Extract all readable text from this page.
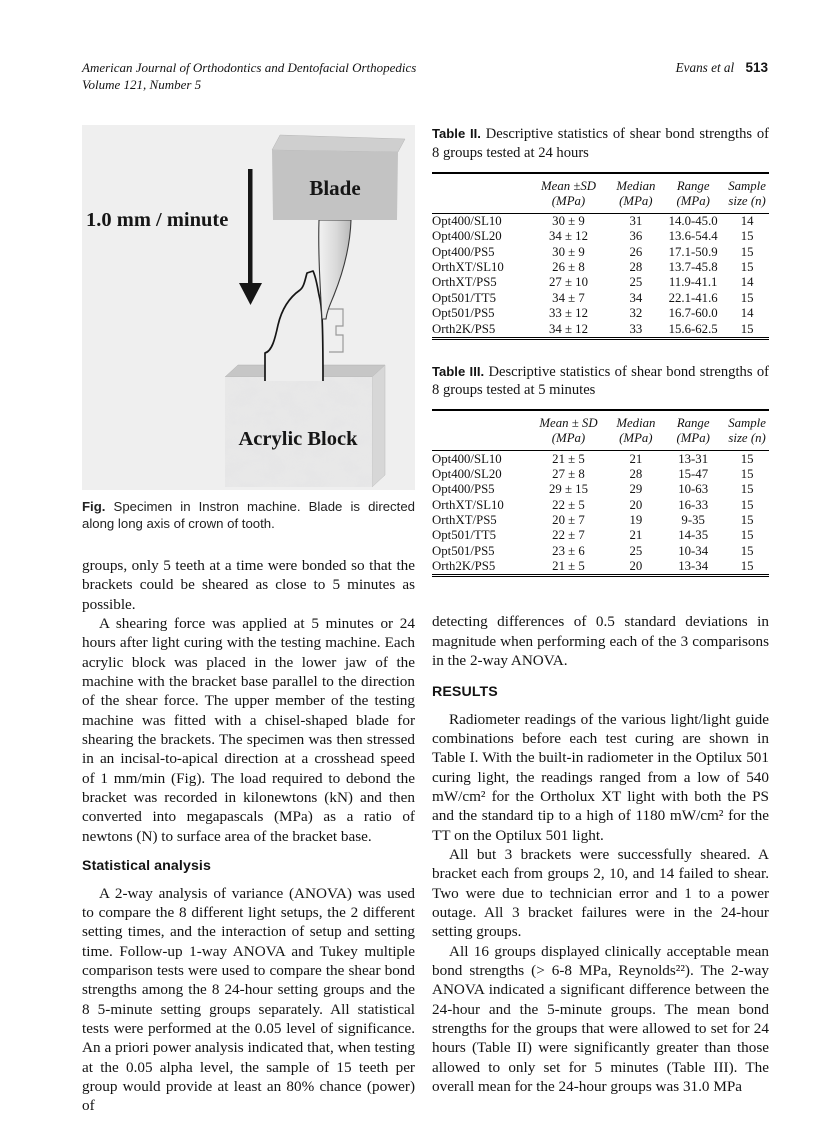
American Journal of Orthodontics and Dentofacial Orthopedics
Volume 121, Number 5
Evans et al 513
1.0 mm / minute
Acrylic Block
Blade
Fig. Specimen in Instron machine. Blade is directed along long axis of crown of tooth.

groups, only 5 teeth at a time were bonded so that the brackets could be sheared as close to 5 minutes as possible.

A shearing force was applied at 5 minutes or 24 hours after light curing with the testing machine. Each acrylic block was placed in the lower jaw of the machine with the bracket base parallel to the direction of the shear force. The upper member of the testing machine was fitted with a chisel-shaped blade for shearing the brackets. The specimen was then stressed in an incisal-to-apical direction at a crosshead speed of 1 mm/min (Fig). The load required to debond the bracket was recorded in kilonewtons (kN) and then converted into megapascals (MPa) as a ratio of newtons (N) to surface area of the bracket base.

Statistical analysis

A 2-way analysis of variance (ANOVA) was used to compare the 8 different light setups, the 2 different setting times, and the interaction of setup and setting time. Follow-up 1-way ANOVA and Tukey multiple comparison tests were used to compare the shear bond strengths among the 8 24-hour setting groups and the 8 5-minute setting groups separately. All statistical tests were performed at the 0.05 level of significance. An a priori power analysis indicated that, when testing at the 0.05 alpha level, the sample of 15 teeth per group would provide at least an 80% chance (power) of

Table II. Descriptive statistics of shear bond strengths of 8 groups tested at 24 hours

	Mean ±SD
(MPa)	Median
(MPa)	Range
(MPa)	Sample
size (n)

Opt400/SL10	30 ± 9	31	14.0-45.0	14
Opt400/SL20	34 ± 12	36	13.6-54.4	15
Opt400/PS5	30 ± 9	26	17.1-50.9	15
OrthXT/SL10	26 ± 8	28	13.7-45.8	15
OrthXT/PS5	27 ± 10	25	11.9-41.1	14
Opt501/TT5	34 ± 7	34	22.1-41.6	15
Opt501/PS5	33 ± 12	32	16.7-60.0	14
Orth2K/PS5	34 ± 12	33	15.6-62.5	15

Table III. Descriptive statistics of shear bond strengths of 8 groups tested at 5 minutes

	Mean ± SD
(MPa)	Median
(MPa)	Range
(MPa)	Sample
size (n)

Opt400/SL10	21 ± 5	21	13-31	15
Opt400/SL20	27 ± 8	28	15-47	15
Opt400/PS5	29 ± 15	29	10-63	15
OrthXT/SL10	22 ± 5	20	16-33	15
OrthXT/PS5	20 ± 7	19	9-35	15
Opt501/TT5	22 ± 7	21	14-35	15
Opt501/PS5	23 ± 6	25	10-34	15
Orth2K/PS5	21 ± 5	20	13-34	15

detecting differences of 0.5 standard deviations in magnitude when performing each of the 3 comparisons in the 2-way ANOVA.

RESULTS

Radiometer readings of the various light/light guide combinations before each test curing are shown in Table I. With the built-in radiometer in the Optilux 501 curing light, the readings ranged from a low of 540 mW/cm² for the Ortholux XT light with both the PS and the standard tip to a high of 1180 mW/cm² for the TT on the Optilux 501 light.

All but 3 brackets were successfully sheared. A bracket each from groups 2, 10, and 14 failed to shear. Two were due to technician error and 1 to a power outage. All 3 bracket failures were in the 24-hour setting groups.

All 16 groups displayed clinically acceptable mean bond strengths (> 6-8 MPa, Reynolds²²). The 2-way ANOVA indicated a significant difference between the 24-hour and the 5-minute groups. The mean bond strengths for the groups that were allowed to set for 24 hours (Table II) were significantly greater than those allowed to only set for 5 minutes (Table III). The overall mean for the 24-hour groups was 31.0 MPa
